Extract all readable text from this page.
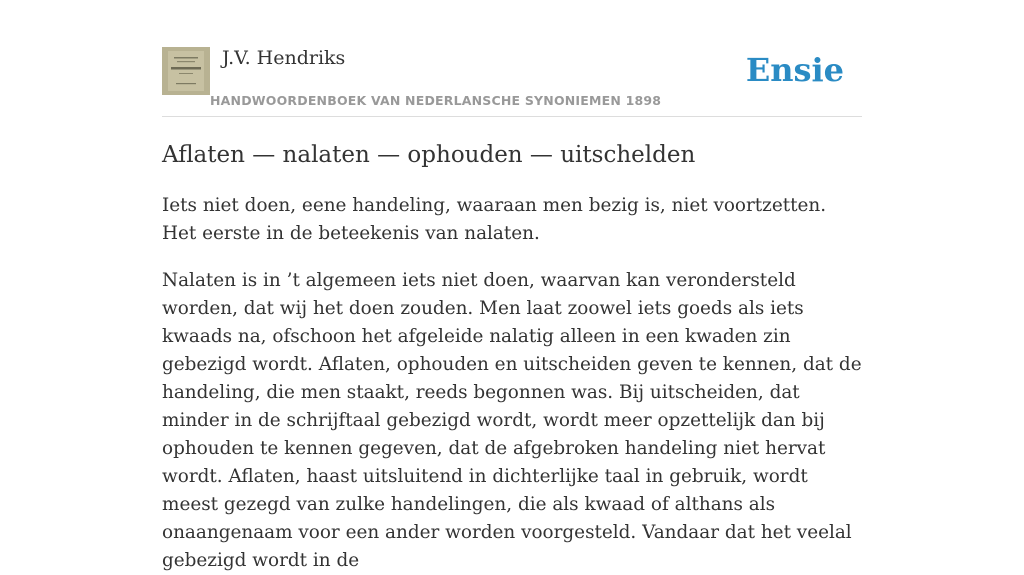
J.V. Hendriks
HANDWOORDENBOEK VAN NEDERLANSCHE SYNONIEMEN 1898
Ensie
Aflaten — nalaten — ophouden — uitschelden

Iets niet doen, eene handeling, waaraan men bezig is, niet voortzetten. Het eerste in de beteekenis van nalaten.

Nalaten is in ’t algemeen iets niet doen, waarvan kan verondersteld worden, dat wij het doen zouden. Men laat zoowel iets goeds als iets kwaads na, ofschoon het afgeleide nalatig alleen in een kwaden zin gebezigd wordt. Aflaten, ophouden en uitscheiden geven te kennen, dat de handeling, die men staakt, reeds begonnen was. Bij uitscheiden, dat minder in de schrijftaal gebezigd wordt, wordt meer opzettelijk dan bij ophouden te kennen gegeven, dat de afgebroken handeling niet hervat wordt. Aflaten, haast uitsluitend in dichterlijke taal in gebruik, wordt meest gezegd van zulke handelingen, die als kwaad of althans als onaangenaam voor een ander worden voorgesteld. Vandaar dat het veelal gebezigd wordt in de
